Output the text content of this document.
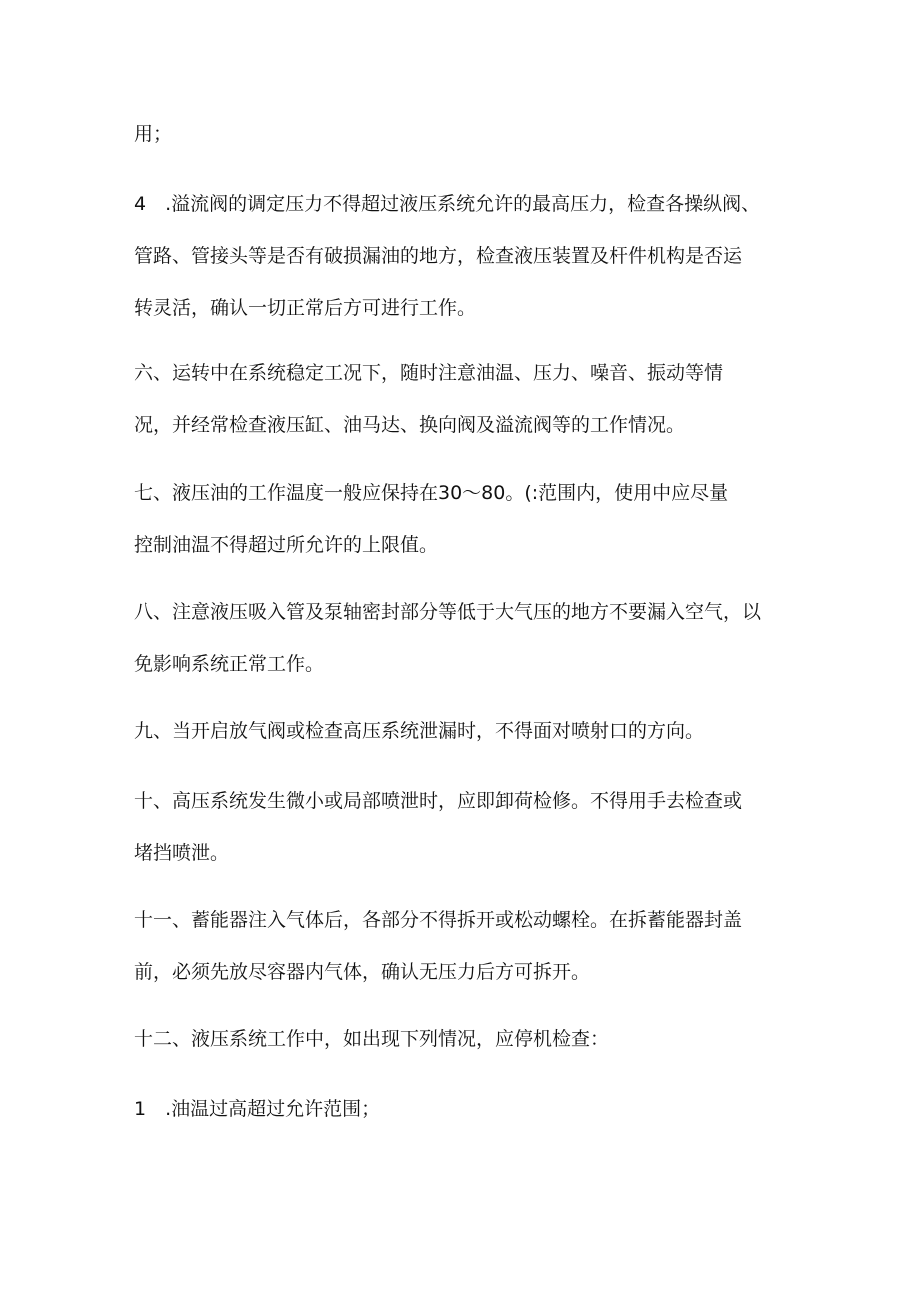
用；

4　.溢流阀的调定压力不得超过液压系统允许的最高压力，检查各操纵阀、
管路、管接头等是否有破损漏油的地方，检查液压装置及杆件机构是否运
转灵活，确认一切正常后方可进行工作。

六、运转中在系统稳定工况下，随时注意油温、压力、噪音、振动等情
况，并经常检查液压缸、油马达、换向阀及溢流阀等的工作情况。

七、液压油的工作温度一般应保持在30～80。(:范围内，使用中应尽量
控制油温不得超过所允许的上限值。

八、注意液压吸入管及泵轴密封部分等低于大气压的地方不要漏入空气，以
免影响系统正常工作。

九、当开启放气阀或检查高压系统泄漏时，不得面对喷射口的方向。

十、高压系统发生微小或局部喷泄时，应即卸荷检修。不得用手去检查或
堵挡喷泄。

十一、蓄能器注入气体后，各部分不得拆开或松动螺栓。在拆蓄能器封盖
前，必须先放尽容器内气体，确认无压力后方可拆开。

十二、液压系统工作中，如出现下列情况，应停机检查：

1　.油温过高超过允许范围；
